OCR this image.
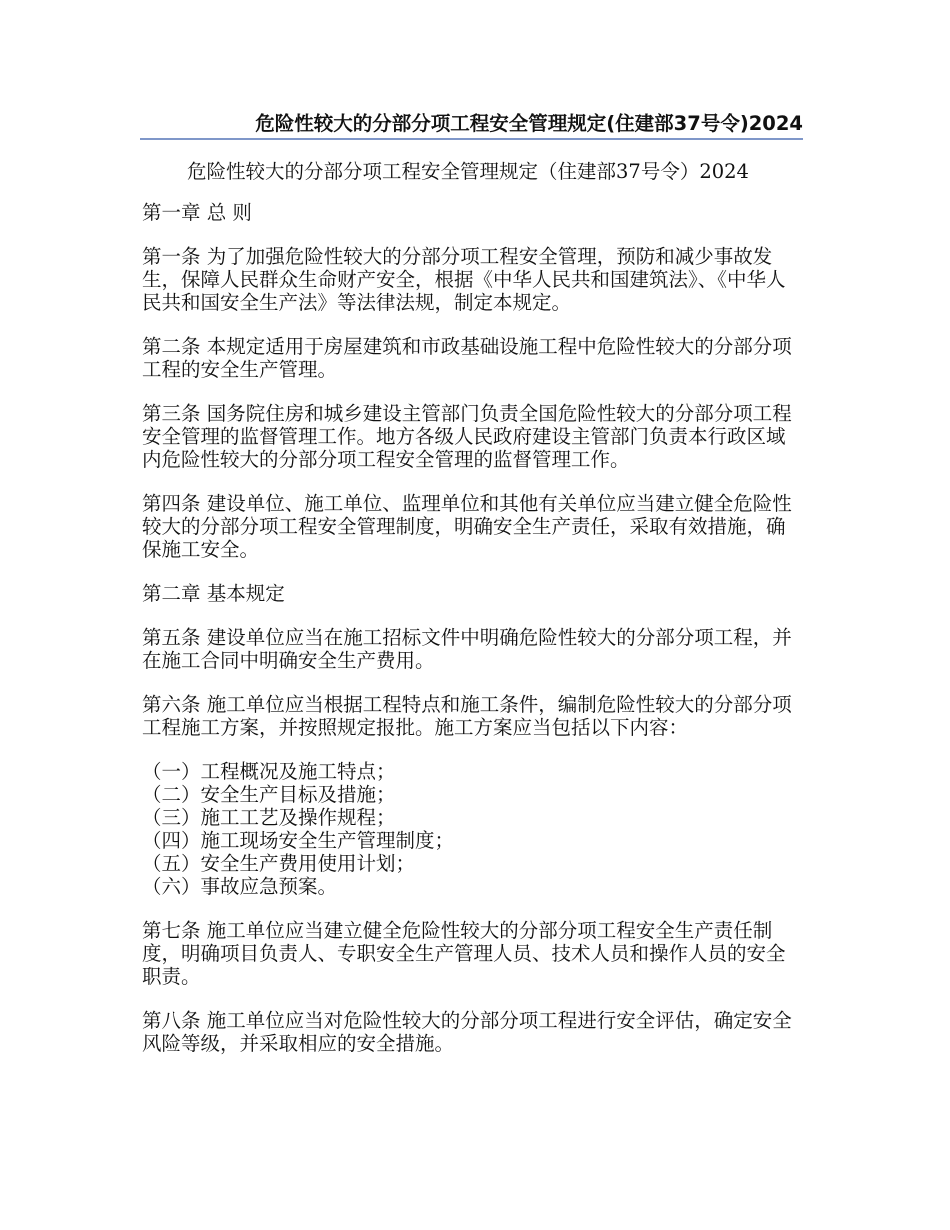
危险性较大的分部分项工程安全管理规定(住建部37号令)2024
危险性较大的分部分项工程安全管理规定（住建部37号令）2024
第一章 总 则
第一条 为了加强危险性较大的分部分项工程安全管理，预防和减少事故发生，保障人民群众生命财产安全，根据《中华人民共和国建筑法》、《中华人民共和国安全生产法》等法律法规，制定本规定。
第二条 本规定适用于房屋建筑和市政基础设施工程中危险性较大的分部分项工程的安全生产管理。
第三条 国务院住房和城乡建设主管部门负责全国危险性较大的分部分项工程安全管理的监督管理工作。地方各级人民政府建设主管部门负责本行政区域内危险性较大的分部分项工程安全管理的监督管理工作。
第四条 建设单位、施工单位、监理单位和其他有关单位应当建立健全危险性较大的分部分项工程安全管理制度，明确安全生产责任，采取有效措施，确保施工安全。
第二章 基本规定
第五条 建设单位应当在施工招标文件中明确危险性较大的分部分项工程，并在施工合同中明确安全生产费用。
第六条 施工单位应当根据工程特点和施工条件，编制危险性较大的分部分项工程施工方案，并按照规定报批。施工方案应当包括以下内容：
（一）工程概况及施工特点；
（二）安全生产目标及措施；
（三）施工工艺及操作规程；
（四）施工现场安全生产管理制度；
（五）安全生产费用使用计划；
（六）事故应急预案。
第七条 施工单位应当建立健全危险性较大的分部分项工程安全生产责任制度，明确项目负责人、专职安全生产管理人员、技术人员和操作人员的安全职责。
第八条 施工单位应当对危险性较大的分部分项工程进行安全评估，确定安全风险等级，并采取相应的安全措施。
